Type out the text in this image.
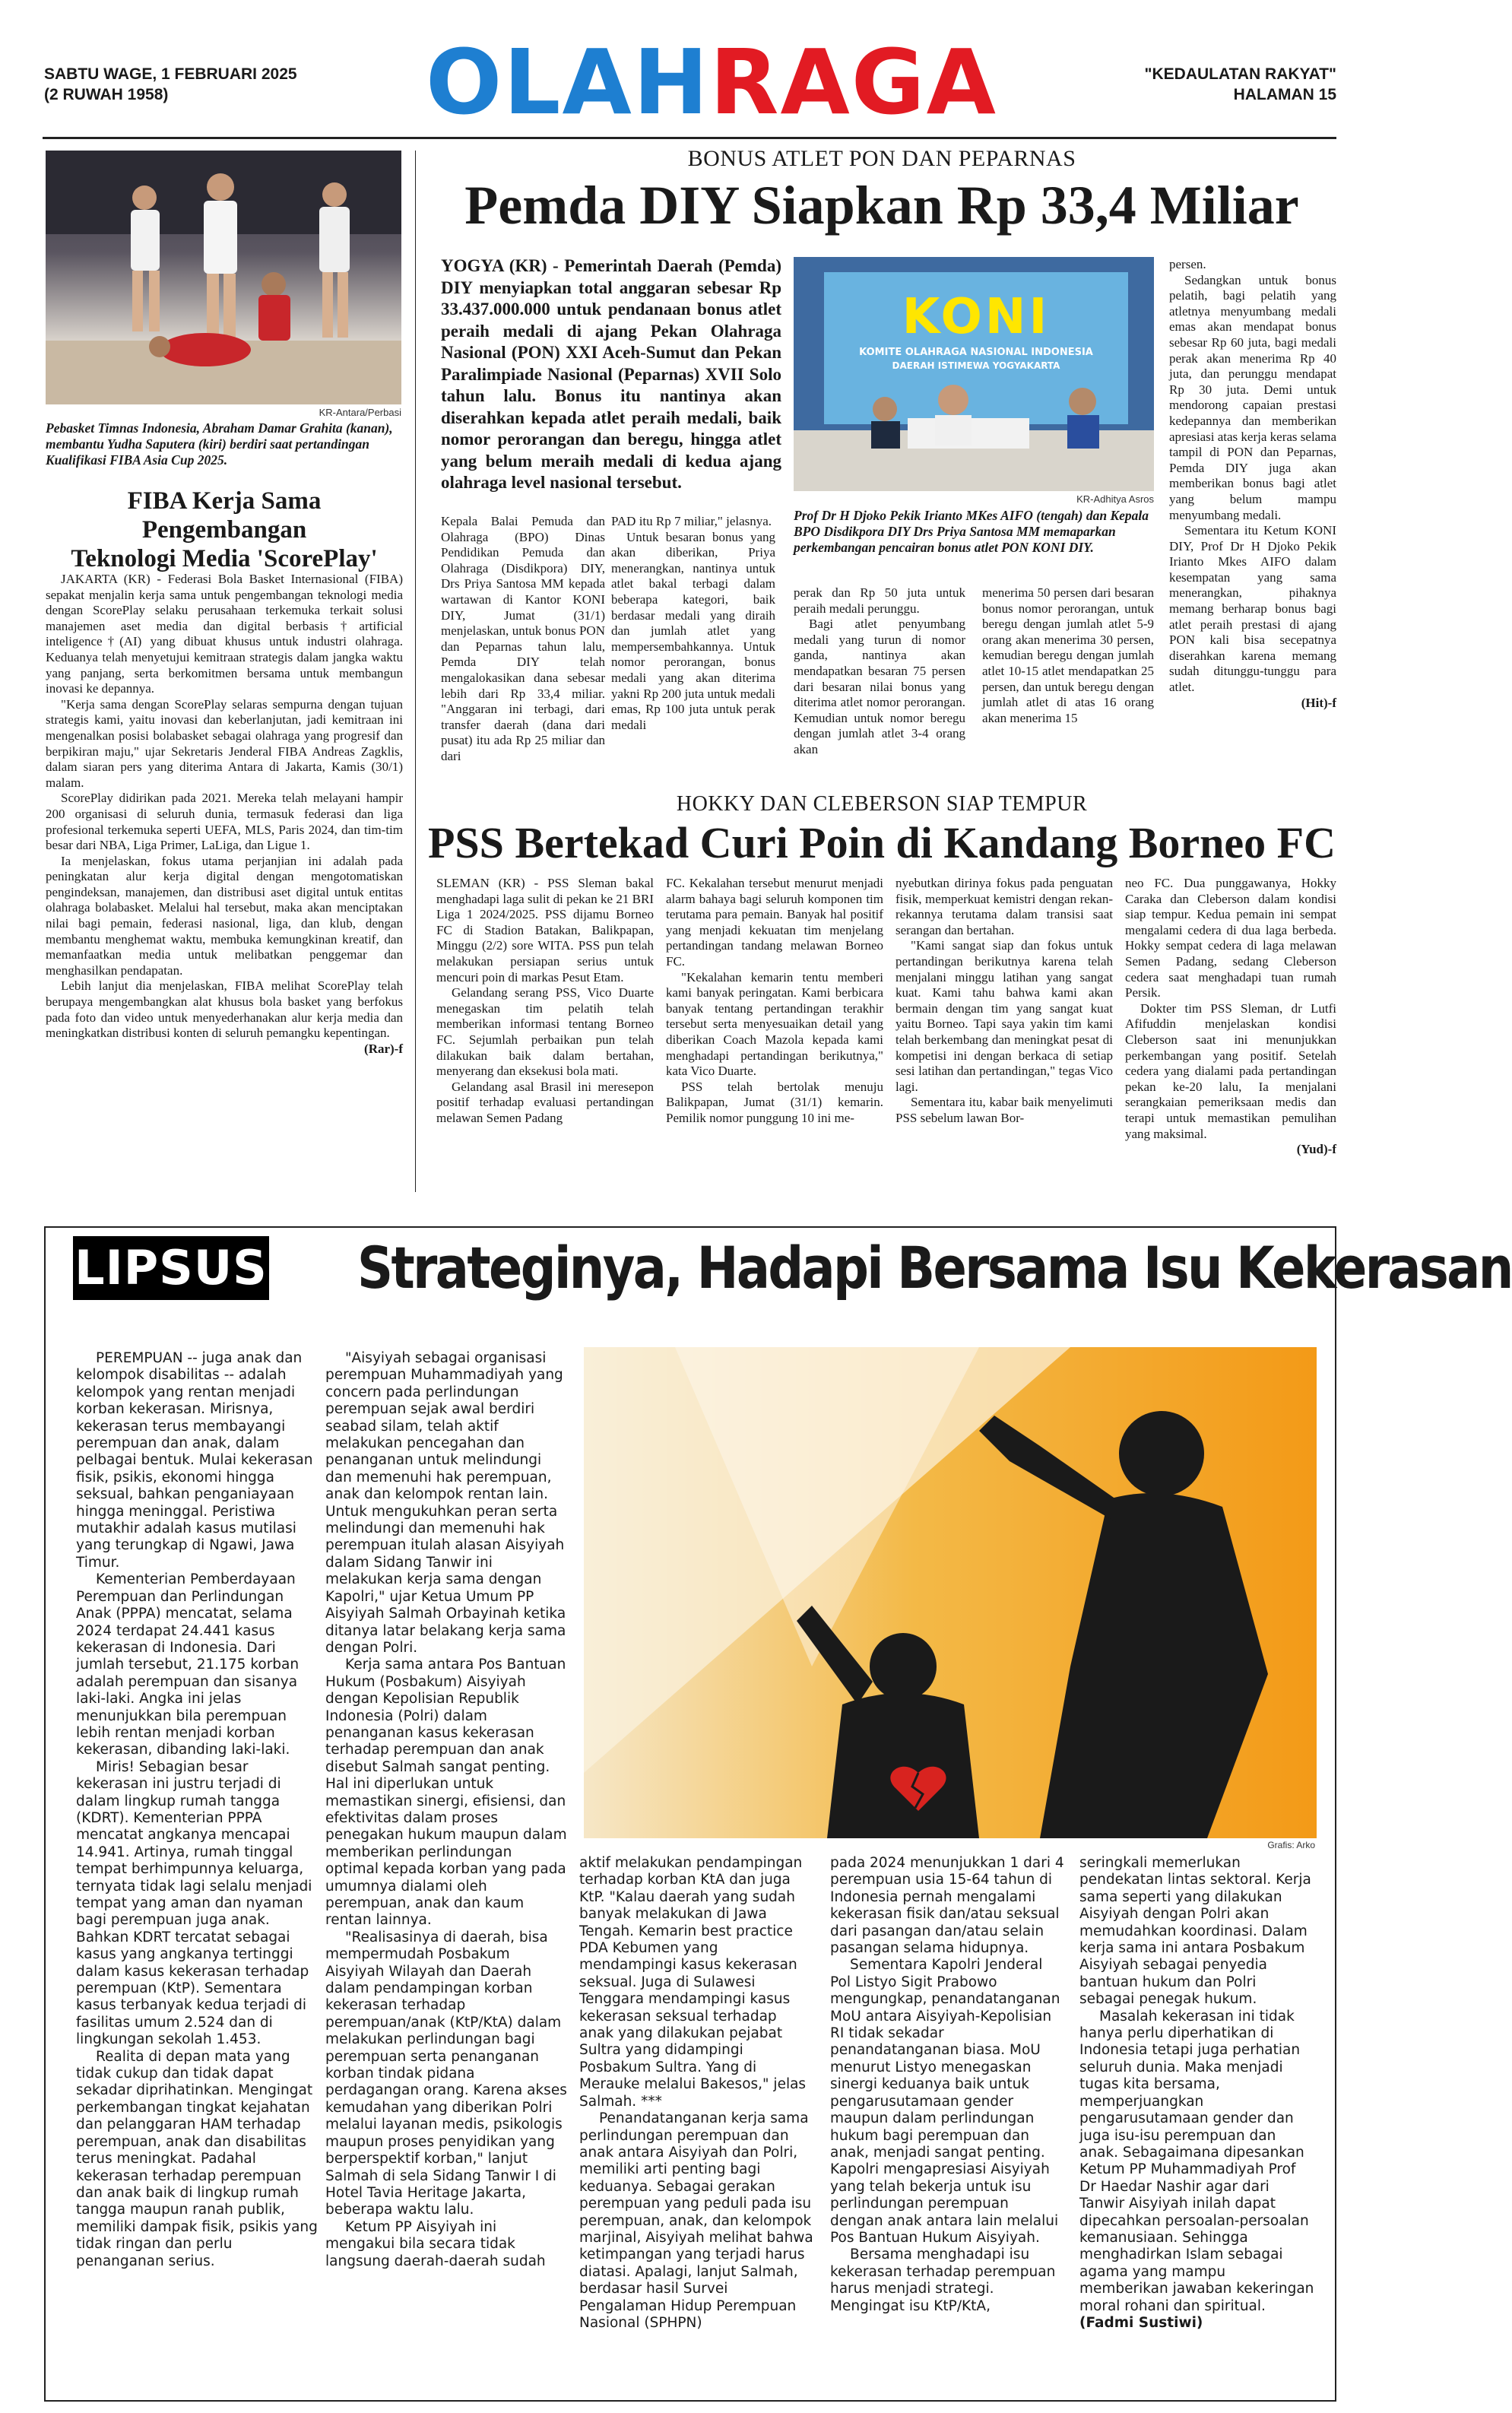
SABTU WAGE, 1 FEBRUARI 2025
(2 RUWAH 1958)	OLAHRAGA	"KEDAULATAN RAKYAT"
HALAMAN 15
KR-Antara/Perbasi
Pebasket Timnas Indonesia, Abraham Damar Grahita (kanan), membantu Yudha Saputera (kiri) berdiri saat pertandingan Kualifikasi FIBA Asia Cup 2025.
FIBA Kerja Sama Pengembangan
Teknologi Media 'ScorePlay'

JAKARTA (KR) - Federasi Bola Basket Internasional (FIBA) sepakat menjalin kerja sama untuk pengembangan teknologi media dengan ScorePlay selaku perusahaan terkemuka terkait solusi manajemen aset media dan digital berbasis†artificial inteligence†(AI) yang dibuat khusus untuk industri olahraga. Keduanya telah menyetujui kemitraan strategis dalam jangka waktu yang panjang, serta berkomitmen bersama untuk membangun inovasi ke depannya.

"Kerja sama dengan ScorePlay selaras sempurna dengan tujuan strategis kami, yaitu inovasi dan keberlanjutan, jadi kemitraan ini mengenalkan posisi bolabasket sebagai olahraga yang progresif dan berpikiran maju," ujar Sekretaris Jenderal FIBA Andreas Zagklis, dalam siaran pers yang diterima Antara di Jakarta, Kamis (30/1) malam.

ScorePlay didirikan pada 2021. Mereka telah melayani hampir 200 organisasi di seluruh dunia, termasuk federasi dan liga profesional terkemuka seperti UEFA, MLS, Paris 2024, dan tim-tim besar dari NBA, Liga Primer, LaLiga, dan Ligue 1.

Ia menjelaskan, fokus utama perjanjian ini adalah pada peningkatan alur kerja digital dengan mengotomatiskan pengindeksan, manajemen, dan distribusi aset digital untuk entitas olahraga bolabasket. Melalui hal tersebut, maka akan menciptakan nilai bagi pemain, federasi nasional, liga, dan klub, dengan membantu menghemat waktu, membuka kemungkinan kreatif, dan memanfaatkan media untuk melibatkan penggemar dan menghasilkan pendapatan.

Lebih lanjut dia menjelaskan, FIBA melihat ScorePlay telah berupaya mengembangkan alat khusus bola basket yang berfokus pada foto dan video untuk menyederhanakan alur kerja media dan meningkatkan distribusi konten di seluruh pemangku kepentingan.

(Rar)-f
BONUS ATLET PON DAN PEPARNAS
Pemda DIY Siapkan Rp 33,4 Miliar
YOGYA (KR) - Pemerintah Daerah (Pemda) DIY menyiapkan total anggaran sebesar Rp 33.437.000.000 untuk pendanaan bonus atlet peraih medali di ajang Pekan Olahraga Nasional (PON) XXI Aceh-Sumut dan Pekan Paralimpiade Nasional (Peparnas) XVII Solo tahun lalu. Bonus itu nantinya akan diserahkan kepada atlet peraih medali, baik nomor perorangan dan beregu, hingga atlet yang belum meraih medali di kedua ajang olahraga level nasional tersebut.
KONI
KOMITE OLAHRAGA NASIONAL INDONESIA
DAERAH ISTIMEWA YOGYAKARTA
KR-Adhitya Asros
Prof Dr H Djoko Pekik Irianto MKes AIFO (tengah) dan Kepala BPO Disdikpora DIY Drs Priya Santosa MM memaparkan perkembangan pencairan bonus atlet PON KONI DIY.

Kepala Balai Pemuda dan Olahraga (BPO) Dinas Pendidikan Pemuda dan Olahraga (Disdikpora) DIY, Drs Priya Santosa MM kepada wartawan di Kantor KONI DIY, Jumat (31/1) menjelaskan, untuk bonus PON dan Peparnas tahun lalu, Pemda DIY telah mengalokasikan dana sebesar lebih dari Rp 33,4 miliar. "Anggaran ini terbagi, dari transfer daerah (dana dari pusat) itu ada Rp 25 miliar dan dari

PAD itu Rp 7 miliar," jelasnya.

Untuk besaran bonus yang akan diberikan, Priya menerangkan, nantinya untuk atlet bakal terbagi dalam beberapa kategori, baik berdasar medali yang diraih dan jumlah atlet yang mempersembahkannya. Untuk nomor perorangan, bonus medali yang akan diterima yakni Rp 200 juta untuk medali emas, Rp 100 juta untuk perak medali

perak dan Rp 50 juta untuk peraih medali perunggu.

Bagi atlet penyumbang medali yang turun di nomor ganda, nantinya akan mendapatkan besaran 75 persen dari besaran nilai bonus yang diterima atlet nomor perorangan. Kemudian untuk nomor beregu dengan jumlah atlet 3-4 orang akan

menerima 50 persen dari besaran bonus nomor perorangan, untuk beregu dengan jumlah atlet 5-9 orang akan menerima 30 persen, kemudian beregu dengan jumlah atlet 10-15 atlet mendapatkan 25 persen, dan untuk beregu dengan jumlah atlet di atas 16 orang akan menerima 15

persen.

Sedangkan untuk bonus pelatih, bagi pelatih yang atletnya menyumbang medali emas akan mendapat bonus sebesar Rp 60 juta, bagi medali perak akan menerima Rp 40 juta, dan perunggu mendapat Rp 30 juta. Demi untuk mendorong capaian prestasi kedepannya dan memberikan apresiasi atas kerja keras selama tampil di PON dan Peparnas, Pemda DIY juga akan memberikan bonus bagi atlet yang belum mampu menyumbang medali.

Sementara itu Ketum KONI DIY, Prof Dr H Djoko Pekik Irianto Mkes AIFO dalam kesempatan yang sama menerangkan, pihaknya memang berharap bonus bagi atlet peraih prestasi di ajang PON kali bisa secepatnya diserahkan karena memang sudah ditunggu-tunggu para atlet.

(Hit)-f
HOKKY DAN CLEBERSON SIAP TEMPUR
PSS Bertekad Curi Poin di Kandang Borneo FC

SLEMAN (KR) - PSS Sleman bakal menghadapi laga sulit di pekan ke 21 BRI Liga 1 2024/2025. PSS dijamu Borneo FC di Stadion Batakan, Balikpapan, Minggu (2/2) sore WITA. PSS pun telah melakukan persiapan serius untuk mencuri poin di markas Pesut Etam.

Gelandang serang PSS, Vico Duarte menegaskan tim pelatih telah memberikan informasi tentang Borneo FC. Sejumlah perbaikan pun telah dilakukan baik dalam bertahan, menyerang dan eksekusi bola mati.

Gelandang asal Brasil ini meresepon positif terhadap evaluasi pertandingan melawan Semen Padang

FC. Kekalahan tersebut menurut menjadi alarm bahaya bagi seluruh komponen tim terutama para pemain. Banyak hal positif yang menjadi kekuatan tim menjelang pertandingan tandang melawan Borneo FC.

"Kekalahan kemarin tentu memberi kami banyak peringatan. Kami berbicara banyak tentang pertandingan terakhir tersebut serta menyesuaikan detail yang diberikan Coach Mazola kepada kami menghadapi pertandingan berikutnya," kata Vico Duarte.

PSS telah bertolak menuju Balikpapan, Jumat (31/1) kemarin. Pemilik nomor punggung 10 ini me-

nyebutkan dirinya fokus pada penguatan fisik, memperkuat kemistri dengan rekan-rekannya terutama dalam transisi saat serangan dan bertahan.

"Kami sangat siap dan fokus untuk pertandingan berikutnya karena telah menjalani minggu latihan yang sangat kuat. Kami tahu bahwa kami akan bermain dengan tim yang sangat kuat yaitu Borneo. Tapi saya yakin tim kami telah berkembang dan meningkat pesat di kompetisi ini dengan berkaca di setiap sesi latihan dan pertandingan," tegas Vico lagi.

Sementara itu, kabar baik menyelimuti PSS sebelum lawan Bor-

neo FC. Dua punggawanya, Hokky Caraka dan Cleberson dalam kondisi siap tempur. Kedua pemain ini sempat mengalami cedera di dua laga berbeda. Hokky sempat cedera di laga melawan Semen Padang, sedang Cleberson cedera saat menghadapi tuan rumah Persik.

Dokter tim PSS Sleman, dr Lutfi Afifuddin menjelaskan kondisi Cleberson saat ini menunjukkan perkembangan yang positif. Setelah cedera yang dialami pada pertandingan pekan ke-20 lalu, Ia menjalani serangkaian pemeriksaan medis dan terapi untuk memastikan pemulihan yang maksimal.

(Yud)-f
LIPSUS Strateginya, Hadapi Bersama Isu Kekerasan
Grafis: Arko

PEREMPUAN -- juga anak dan kelompok disabilitas -- adalah kelompok yang rentan menjadi korban kekerasan. Mirisnya, kekerasan terus membayangi perempuan dan anak, dalam pelbagai bentuk. Mulai kekerasan fisik, psikis, ekonomi hingga seksual, bahkan penganiayaan hingga meninggal. Peristiwa mutakhir adalah kasus mutilasi yang terungkap di Ngawi, Jawa Timur.

Kementerian Pemberdayaan Perempuan dan Perlindungan Anak (PPPA) mencatat, selama 2024 terdapat 24.441 kasus kekerasan di Indonesia. Dari jumlah tersebut, 21.175 korban adalah perempuan dan sisanya laki-laki. Angka ini jelas menunjukkan bila perempuan lebih rentan menjadi korban kekerasan, dibanding laki-laki.

Miris! Sebagian besar kekerasan ini justru terjadi di dalam lingkup rumah tangga (KDRT). Kementerian PPPA mencatat angkanya mencapai 14.941. Artinya, rumah tinggal tempat berhimpunnya keluarga, ternyata tidak lagi selalu menjadi tempat yang aman dan nyaman bagi perempuan juga anak. Bahkan KDRT tercatat sebagai kasus yang angkanya tertinggi dalam kasus kekerasan terhadap perempuan (KtP). Sementara kasus terbanyak kedua terjadi di fasilitas umum 2.524 dan di lingkungan sekolah 1.453.

Realita di depan mata yang tidak cukup dan tidak dapat sekadar diprihatinkan. Mengingat perkembangan tingkat kejahatan dan pelanggaran HAM terhadap perempuan, anak dan disabilitas terus meningkat. Padahal kekerasan terhadap perempuan dan anak baik di lingkup rumah tangga maupun ranah publik, memiliki dampak fisik, psikis yang tidak ringan dan perlu penanganan serius.

"Aisyiyah sebagai organisasi perempuan Muhammadiyah yang concern pada perlindungan perempuan sejak awal berdiri seabad silam, telah aktif melakukan pencegahan dan penanganan untuk melindungi dan memenuhi hak perempuan, anak dan kelompok rentan lain. Untuk mengukuhkan peran serta melindungi dan memenuhi hak perempuan itulah alasan Aisyiyah dalam Sidang Tanwir ini melakukan kerja sama dengan Kapolri," ujar Ketua Umum PP Aisyiyah Salmah Orbayinah ketika ditanya latar belakang kerja sama dengan Polri.

Kerja sama antara Pos Bantuan Hukum (Posbakum) Aisyiyah dengan Kepolisian Republik Indonesia (Polri) dalam penanganan kasus kekerasan terhadap perempuan dan anak disebut Salmah sangat penting. Hal ini diperlukan untuk memastikan sinergi, efisiensi, dan efektivitas dalam proses penegakan hukum maupun dalam memberikan perlindungan optimal kepada korban yang pada umumnya dialami oleh perempuan, anak dan kaum rentan lainnya.

"Realisasinya di daerah, bisa mempermudah Posbakum Aisyiyah Wilayah dan Daerah dalam pendampingan korban kekerasan terhadap perempuan/anak (KtP/KtA) dalam melakukan perlindungan bagi perempuan serta penanganan korban tindak pidana perdagangan orang. Karena akses kemudahan yang diberikan Polri melalui layanan medis, psikologis maupun proses penyidikan yang berperspektif korban," lanjut Salmah di sela Sidang Tanwir I di Hotel Tavia Heritage Jakarta, beberapa waktu lalu.

Ketum PP Aisyiyah ini mengakui bila secara tidak langsung daerah-daerah sudah

aktif melakukan pendampingan terhadap korban KtA dan juga KtP. "Kalau daerah yang sudah banyak melakukan di Jawa Tengah. Kemarin best practice PDA Kebumen yang mendampingi kasus kekerasan seksual. Juga di Sulawesi Tenggara mendampingi kasus kekerasan seksual terhadap anak yang dilakukan pejabat Sultra yang didampingi Posbakum Sultra. Yang di Merauke melalui Bakesos," jelas Salmah. ***

Penandatanganan kerja sama perlindungan perempuan dan anak antara Aisyiyah dan Polri, memiliki arti penting bagi keduanya. Sebagai gerakan perempuan yang peduli pada isu perempuan, anak, dan kelompok marjinal, Aisyiyah melihat bahwa ketimpangan yang terjadi harus diatasi. Apalagi, lanjut Salmah, berdasar hasil Survei Pengalaman Hidup Perempuan Nasional (SPHPN)

pada 2024 menunjukkan 1 dari 4 perempuan usia 15-64 tahun di Indonesia pernah mengalami kekerasan fisik dan/atau seksual dari pasangan dan/atau selain pasangan selama hidupnya.

Sementara Kapolri Jenderal Pol Listyo Sigit Prabowo mengungkap, penandatanganan MoU antara Aisyiyah-Kepolisian RI tidak sekadar penandatanganan biasa. MoU menurut Listyo menegaskan sinergi keduanya baik untuk pengarusutamaan gender maupun dalam perlindungan hukum bagi perempuan dan anak, menjadi sangat penting. Kapolri mengapresiasi Aisyiyah yang telah bekerja untuk isu perlindungan perempuan dengan anak antara lain melalui Pos Bantuan Hukum Aisyiyah.

Bersama menghadapi isu kekerasan terhadap perempuan harus menjadi strategi. Mengingat isu KtP/KtA,

seringkali memerlukan pendekatan lintas sektoral. Kerja sama seperti yang dilakukan Aisyiyah dengan Polri akan memudahkan koordinasi. Dalam kerja sama ini antara Posbakum Aisyiyah sebagai penyedia bantuan hukum dan Polri sebagai penegak hukum.

Masalah kekerasan ini tidak hanya perlu diperhatikan di Indonesia tetapi juga perhatian seluruh dunia. Maka menjadi tugas kita bersama, memperjuangkan pengarusutamaan gender dan juga isu-isu perempuan dan anak. Sebagaimana dipesankan Ketum PP Muhammadiyah Prof Dr Haedar Nashir agar dari Tanwir Aisyiyah inilah dapat dipecahkan persoalan-persoalan kemanusiaan. Sehingga menghadirkan Islam sebagai agama yang mampu memberikan jawaban kekeringan moral rohani dan spiritual.

(Fadmi Sustiwi)
